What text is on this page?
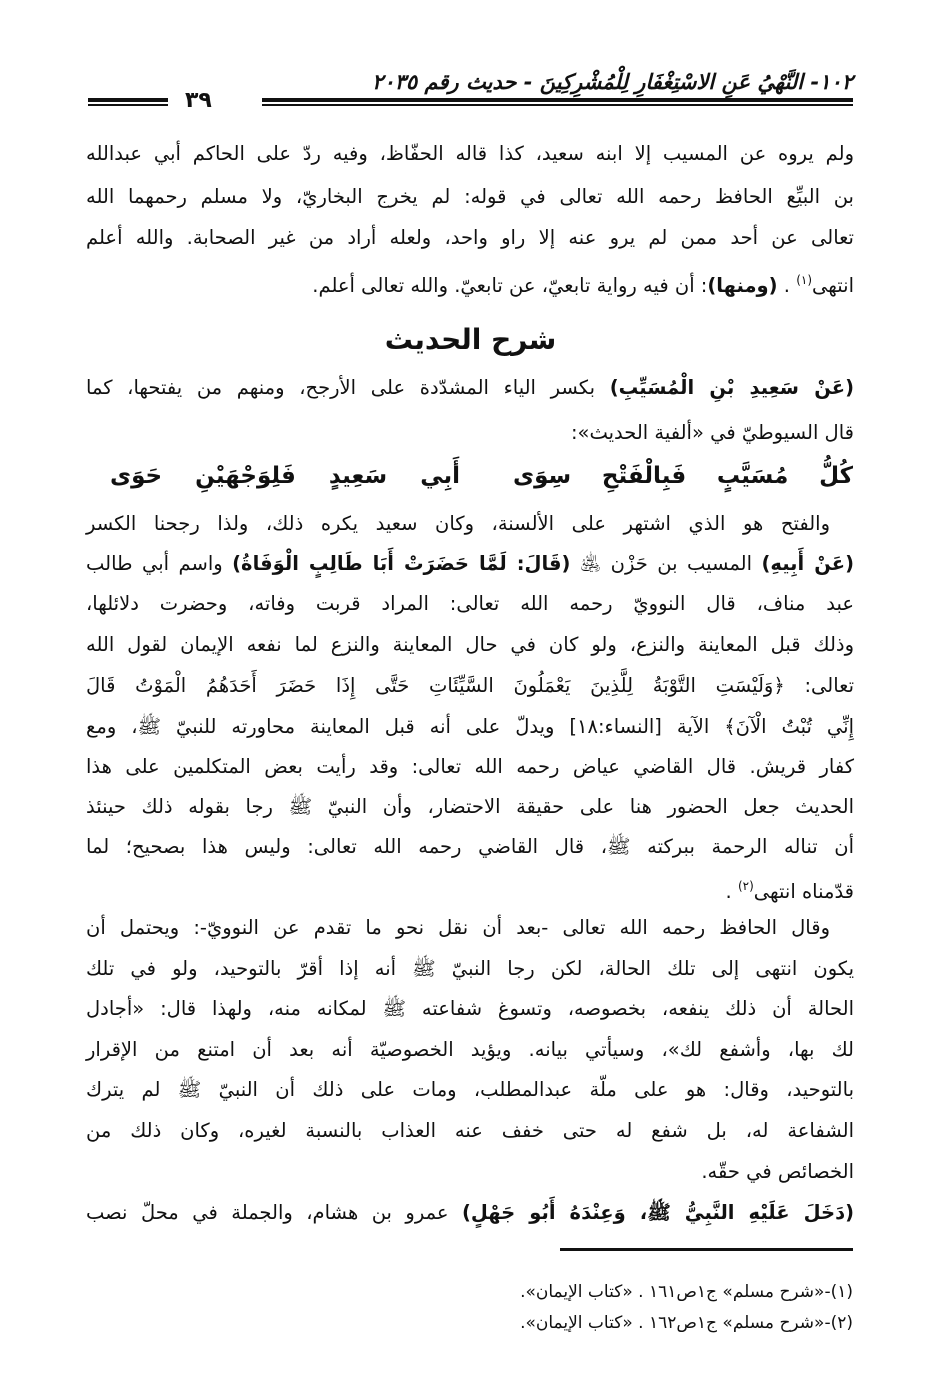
١٠٢- النَّهْيُ عَنِ الاسْتِغْفَارِ لِلْمُشْرِكِينَ - حديث رقم ٢٠٣٥
٣٩
ولم يروه عن المسيب إلا ابنه سعيد، كذا قاله الحفّاظ، وفيه ردّ على الحاكم أبي عبدالله
بن البيِّع الحافظ رحمه الله تعالى في قوله: لم يخرج البخاريّ، ولا مسلم رحمهما الله
تعالى عن أحد ممن لم يرو عنه إلا راو واحد، ولعله أراد من غير الصحابة. والله أعلم
انتهى$^{(١)}$ . (ومنها): أن فيه رواية تابعيّ، عن تابعيّ. والله تعالى أعلم.
شرح الحديث
(عَنْ سَعِيدِ بْنِ الْمُسَيِّبِ) بكسر الياء المشدّدة على الأرجح، ومنهم من يفتحها، كما
قال السيوطيّ في «ألفية الحديث»:
كُلُّ مُسَيَّبٍ فَبِالْفَتْحِ سِوَى
أَبِي سَعِيدٍ فَلِوَجْهَيْنِ حَوَى
والفتح هو الذي اشتهر على الألسنة، وكان سعيد يكره ذلك، ولذا رجحنا الكسر
(عَنْ أَبِيهِ) المسيب بن حَزْن ﵁ (قَالَ: لَمَّا حَضَرَتْ أَبَا طَالِبٍ الْوَفَاةُ) واسم أبي طالب
عبد مناف، قال النوويّ رحمه الله تعالى: المراد قربت وفاته، وحضرت دلائلها،
وذلك قبل المعاينة والنزع، ولو كان في حال المعاينة والنزع لما نفعه الإيمان لقول الله
تعالى: ﴿وَلَيْسَتِ التَّوْبَةُ لِلَّذِينَ يَعْمَلُونَ السَّيِّئَاتِ حَتَّى إِذَا حَضَرَ أَحَدَهُمُ الْمَوْتُ قَالَ
إِنِّي تُبْتُ الْآنَ﴾ الآية [النساء:١٨] ويدلّ على أنه قبل المعاينة محاورته للنبيّ ﷺ، ومع
كفار قريش. قال القاضي عياض رحمه الله تعالى: وقد رأيت بعض المتكلمين على هذا
الحديث جعل الحضور هنا على حقيقة الاحتضار، وأن النبيّ ﷺ رجا بقوله ذلك حينئذ
أن تناله الرحمة ببركته ﷺ، قال القاضي رحمه الله تعالى: وليس هذا بصحيح؛ لما
قدّمناه انتهى$^{(٢)}$ .
وقال الحافظ رحمه الله تعالى -بعد أن نقل نحو ما تقدم عن النوويّ-: ويحتمل أن
يكون انتهى إلى تلك الحالة، لكن رجا النبيّ ﷺ أنه إذا أقرّ بالتوحيد، ولو في تلك
الحالة أن ذلك ينفعه، بخصوصه، وتسوغ شفاعته ﷺ لمكانه منه، ولهذا قال: «أجادل
لك بها، وأشفع لك»، وسيأتي بيانه. ويؤيد الخصوصيّة أنه بعد أن امتنع من الإقرار
بالتوحيد، وقال: هو على ملّة عبدالمطلب، ومات على ذلك أن النبيّ ﷺ لم يترك
الشفاعة له، بل شفع له حتى خفف عنه العذاب بالنسبة لغيره، وكان ذلك من
الخصائص في حقّه.
(دَخَلَ عَلَيْهِ النَّبِيُّ ﷺ، وَعِنْدَهُ أَبُو جَهْلٍ) عمرو بن هشام، والجملة في محلّ نصب
(١)-«شرح مسلم» ج١ص١٦١ . «كتاب الإيمان».
(٢)-«شرح مسلم» ج١ص١٦٢ . «كتاب الإيمان».
